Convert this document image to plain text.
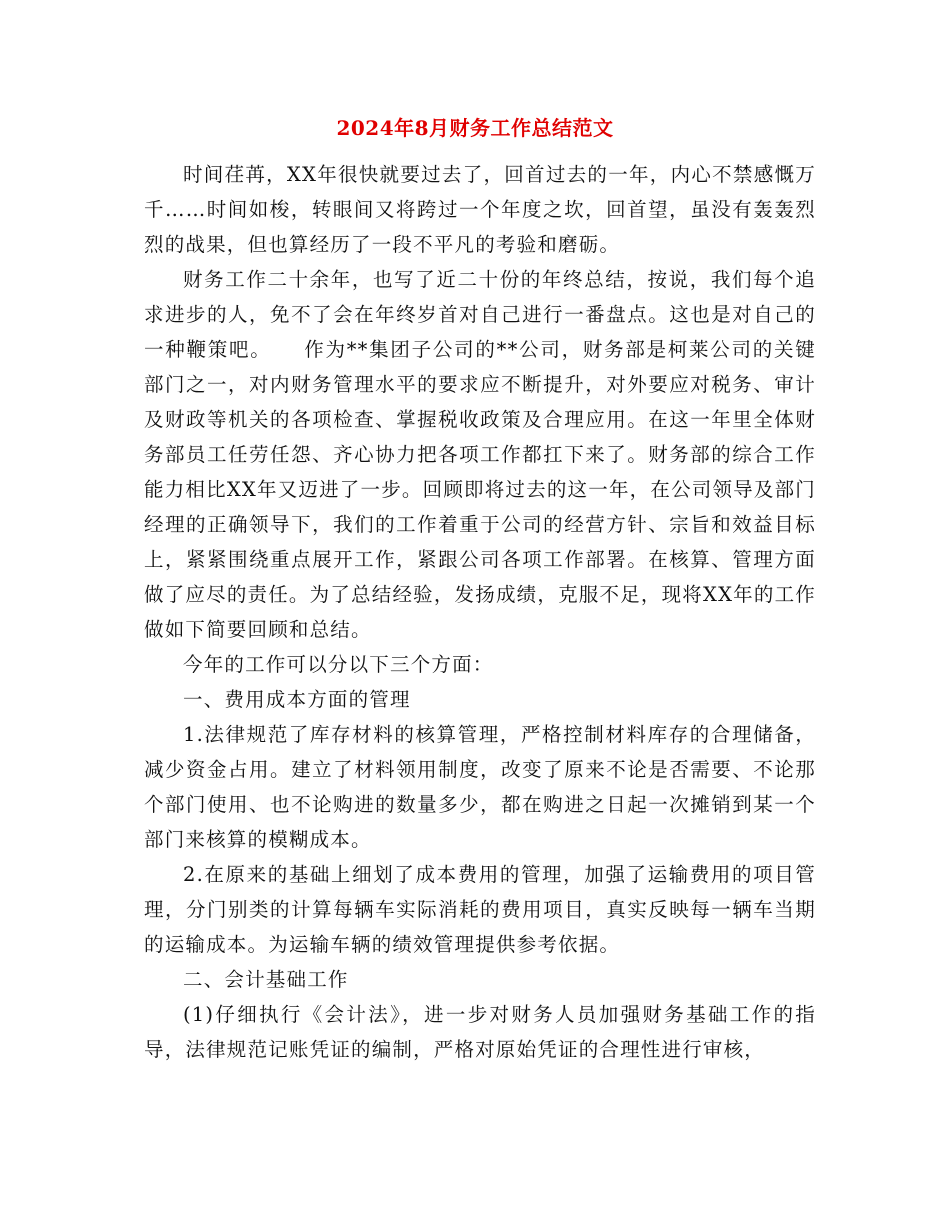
2024年8月财务工作总结范文

时间荏苒，XX年很快就要过去了，回首过去的一年，内心不禁感慨万千……时间如梭，转眼间又将跨过一个年度之坎，回首望，虽没有轰轰烈烈的战果，但也算经历了一段不平凡的考验和磨砺。

财务工作二十余年，也写了近二十份的年终总结，按说，我们每个追求进步的人，免不了会在年终岁首对自己进行一番盘点。这也是对自己的一种鞭策吧。　　作为**集团子公司的**公司，财务部是柯莱公司的关键部门之一，对内财务管理水平的要求应不断提升，对外要应对税务、审计及财政等机关的各项检查、掌握税收政策及合理应用。在这一年里全体财务部员工任劳任怨、齐心协力把各项工作都扛下来了。财务部的综合工作能力相比XX年又迈进了一步。回顾即将过去的这一年，在公司领导及部门经理的正确领导下，我们的工作着重于公司的经营方针、宗旨和效益目标上，紧紧围绕重点展开工作，紧跟公司各项工作部署。在核算、管理方面做了应尽的责任。为了总结经验，发扬成绩，克服不足，现将XX年的工作做如下简要回顾和总结。

今年的工作可以分以下三个方面：

一、费用成本方面的管理

1.法律规范了库存材料的核算管理，严格控制材料库存的合理储备，减少资金占用。建立了材料领用制度，改变了原来不论是否需要、不论那个部门使用、也不论购进的数量多少，都在购进之日起一次摊销到某一个部门来核算的模糊成本。

2.在原来的基础上细划了成本费用的管理，加强了运输费用的项目管理，分门别类的计算每辆车实际消耗的费用项目，真实反映每一辆车当期的运输成本。为运输车辆的绩效管理提供参考依据。

二、会计基础工作

(1)仔细执行《会计法》，进一步对财务人员加强财务基础工作的指导，法律规范记账凭证的编制，严格对原始凭证的合理性进行审核，
